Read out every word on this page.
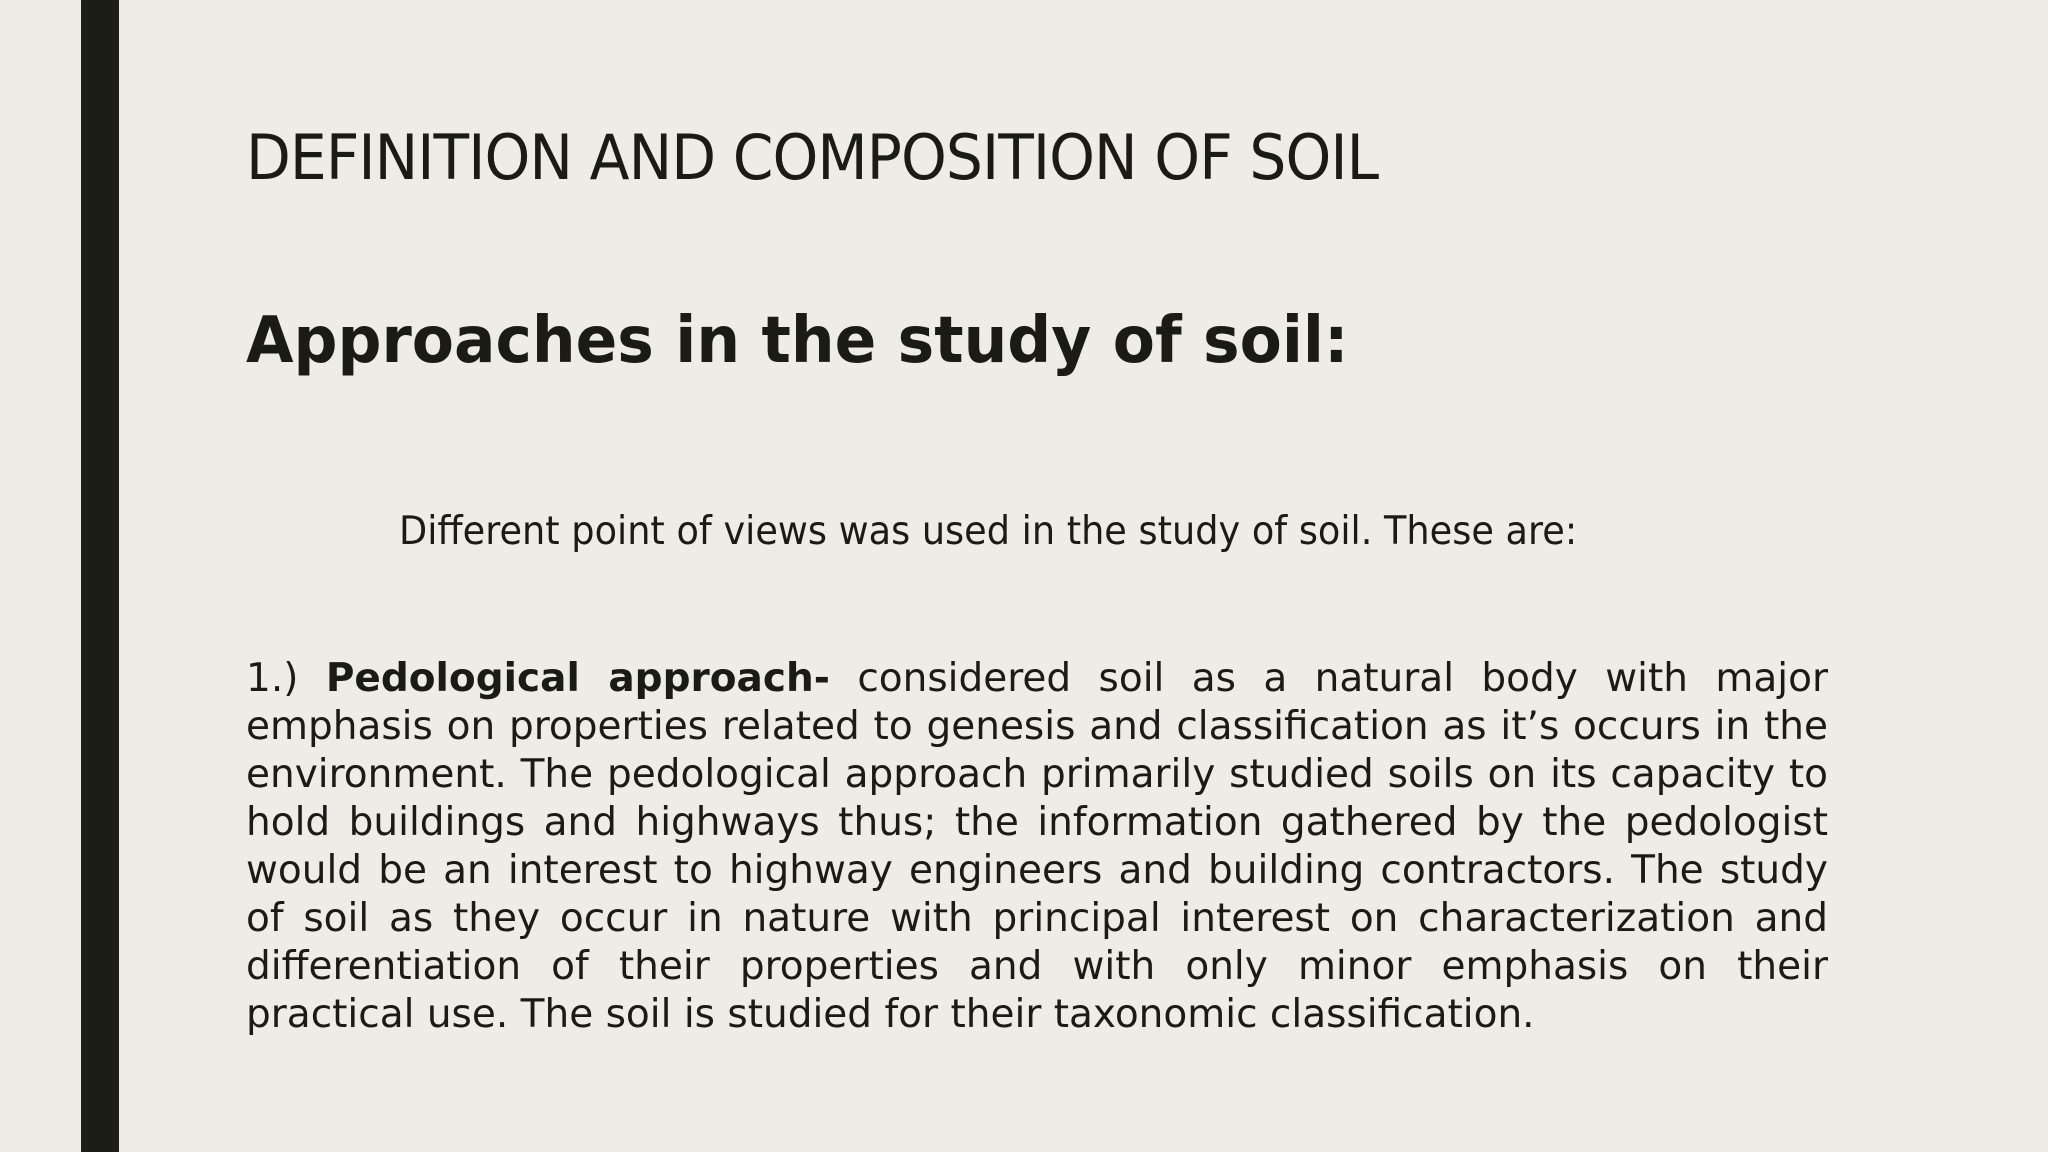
DEFINITION AND COMPOSITION OF SOIL
Approaches in the study of soil:
Different point of views was used in the study of soil. These are:

1.) Pedological approach- considered soil as a natural body with major emphasis on properties related to genesis and classification as it’s occurs in the environment. The pedological approach primarily studied soils on its capacity to hold buildings and highways thus; the information gathered by the pedologist would be an interest to highway engineers and building contractors. The study of soil as they occur in nature with principal interest on characterization and differentiation of their properties and with only minor emphasis on their practical use. The soil is studied for their taxonomic classification.
